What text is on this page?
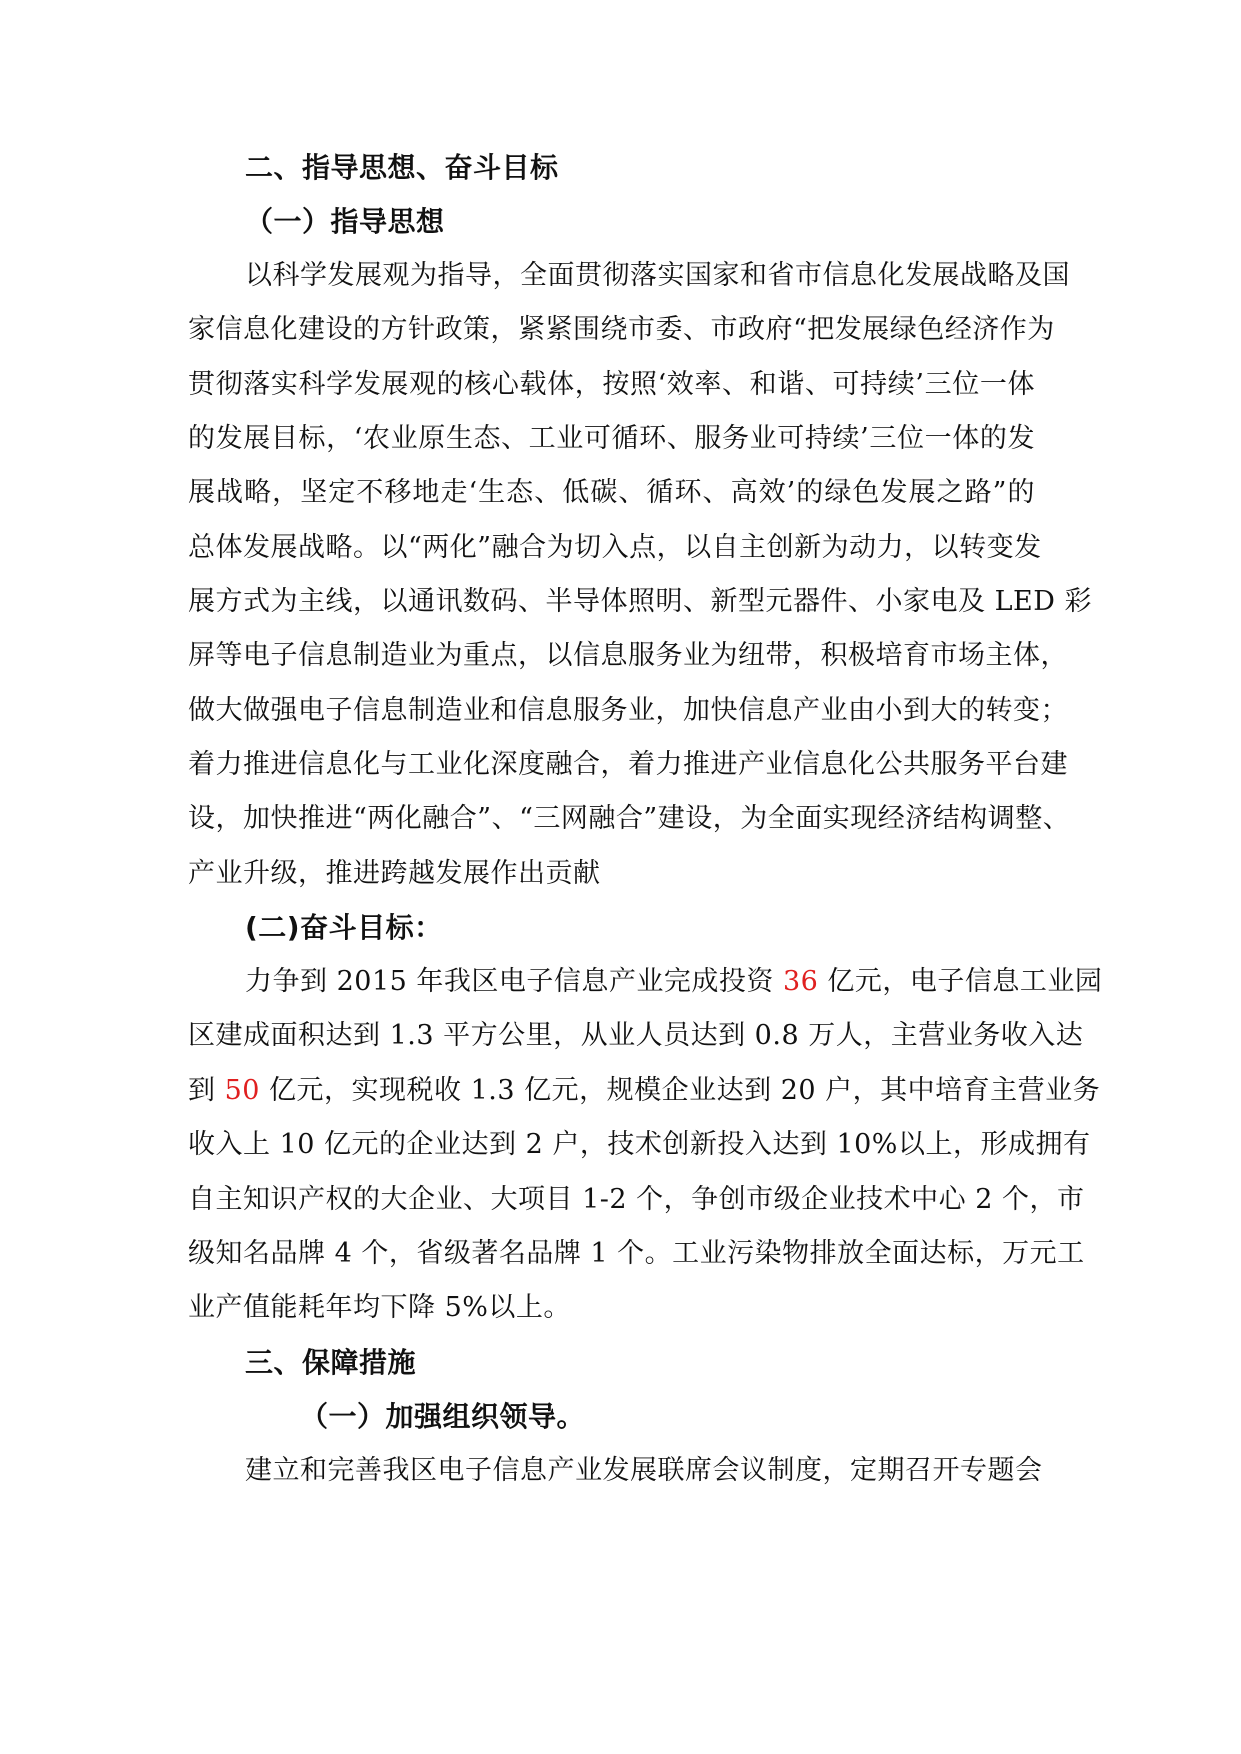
二、指导思想、奋斗目标
（一）指导思想
以科学发展观为指导，全面贯彻落实国家和省市信息化发展战略及国
家信息化建设的方针政策，紧紧围绕市委、市政府“把发展绿色经济作为
贯彻落实科学发展观的核心载体，按照‘效率、和谐、可持续’三位一体
的发展目标，‘农业原生态、工业可循环、服务业可持续’三位一体的发
展战略，坚定不移地走‘生态、低碳、循环、高效’的绿色发展之路”的
总体发展战略。以“两化”融合为切入点，以自主创新为动力，以转变发
展方式为主线，以通讯数码、半导体照明、新型元器件、小家电及 LED 彩
屏等电子信息制造业为重点，以信息服务业为纽带，积极培育市场主体，
做大做强电子信息制造业和信息服务业，加快信息产业由小到大的转变；
着力推进信息化与工业化深度融合，着力推进产业信息化公共服务平台建
设，加快推进“两化融合”、“三网融合”建设，为全面实现经济结构调整、
产业升级，推进跨越发展作出贡献
(二)奋斗目标：
力争到 2015 年我区电子信息产业完成投资 36 亿元，电子信息工业园
区建成面积达到 1.3 平方公里，从业人员达到 0.8 万人，主营业务收入达
到 50 亿元，实现税收 1.3 亿元，规模企业达到 20 户，其中培育主营业务
收入上 10 亿元的企业达到 2 户，技术创新投入达到 10%以上，形成拥有
自主知识产权的大企业、大项目 1-2 个，争创市级企业技术中心 2 个，市
级知名品牌 4 个，省级著名品牌 1 个。工业污染物排放全面达标，万元工
业产值能耗年均下降 5%以上。
三、保障措施
（一）加强组织领导。
建立和完善我区电子信息产业发展联席会议制度，定期召开专题会
